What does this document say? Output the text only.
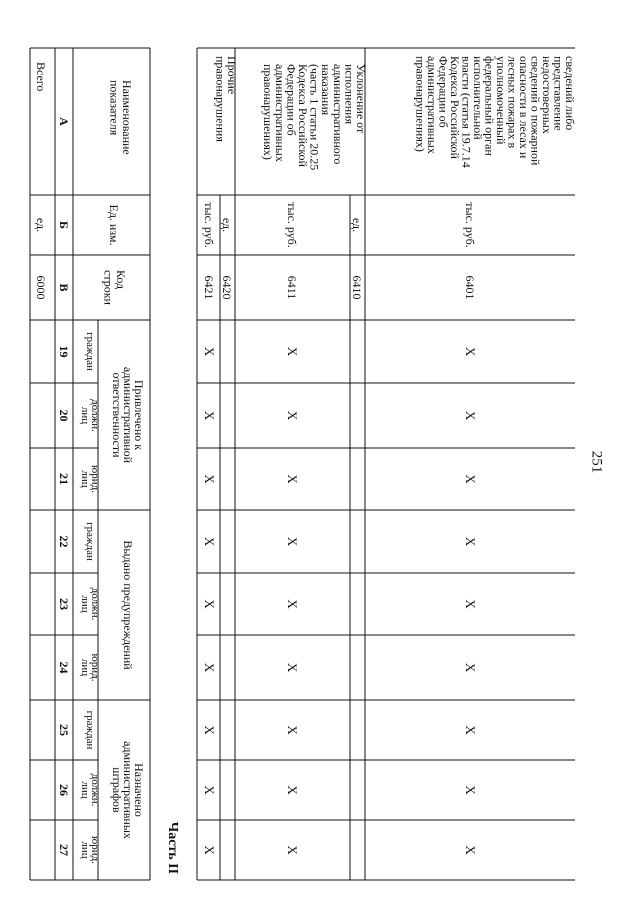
251
Часть II
сведений либопредставлениенедостоверныхсведений о пожарнойопасности в лесах илесных пожарах вуполномоченныйфедеральный органисполнительнойвласти (статья 19.7.14Кодекса РоссийскойФедерации обадминистративныхправонарушениях)
Уклонение отисполненияадминистративногонаказания(часть 1 статьи 20.25Кодекса РоссийскойФедерации обадминистративныхправонарушениях)
Прочиеправонарушения
тыс. руб.
6401
X
X
X
X
X
X
X
X
X
ед.
6410
тыс. руб.
6411
X
X
X
X
X
X
X
X
X
ед.
6420
тыс. руб.
6421
X
X
X
X
X
X
X
X
X
Наименованиепоказателя
Ед. изм.
Кодстроки
Привлечено кадминистративнойответственности
Выдано предупреждений
Назначеноадминистративныхштрафов
граждан
должн.лиц
юрид.лиц
граждан
должн.лиц
юрид.лиц
граждан
должн.лиц
юрид.лиц
А
Б
В
19
20
21
22
23
24
25
26
27
Всего
ед.
6000
